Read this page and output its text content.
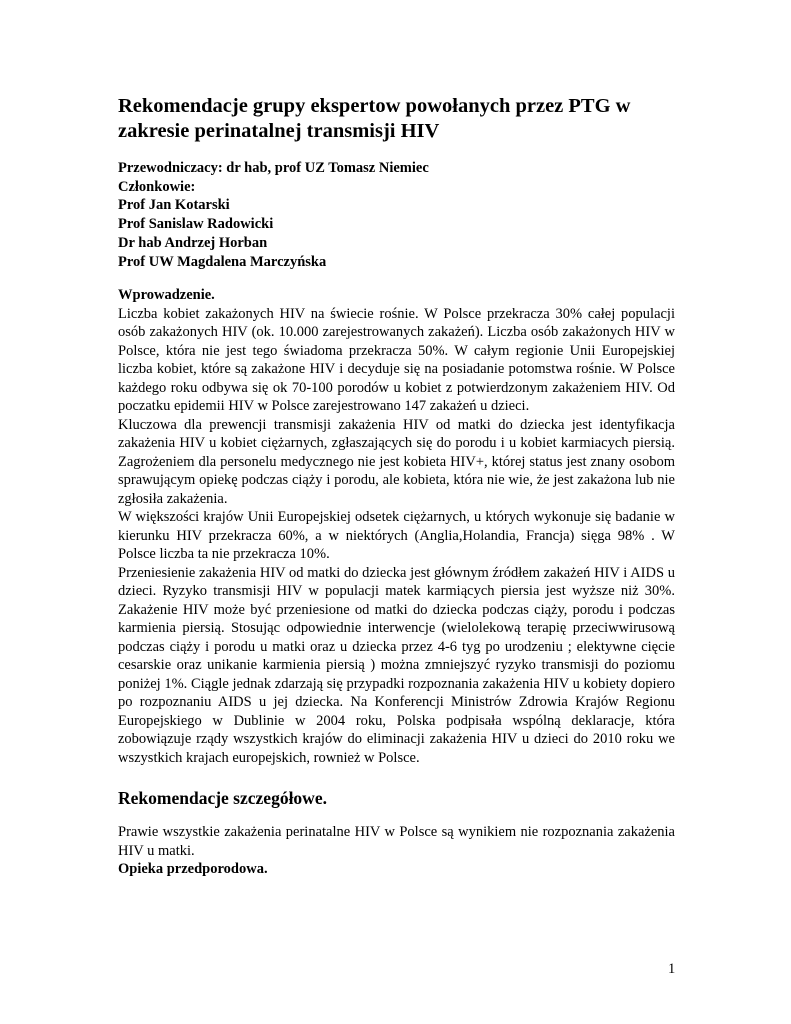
Rekomendacje grupy ekspertow powołanych przez PTG w zakresie perinatalnej transmisji HIV
Przewodniczacy: dr hab, prof UZ Tomasz Niemiec
Członkowie:
Prof Jan Kotarski
Prof Sanislaw Radowicki
Dr hab Andrzej Horban
Prof UW Magdalena Marczyńska
Wprowadzenie.

Liczba kobiet zakażonych HIV na świecie rośnie. W Polsce przekracza 30% całej populacji osób zakażonych HIV (ok. 10.000 zarejestrowanych zakażeń). Liczba osób zakażonych HIV w Polsce, która nie jest tego świadoma przekracza 50%. W całym regionie Unii Europejskiej liczba kobiet, które są zakażone HIV i decyduje się na posiadanie potomstwa rośnie. W Polsce każdego roku odbywa się ok 70-100 porodów u kobiet z potwierdzonym zakażeniem HIV. Od poczatku epidemii HIV w Polsce zarejestrowano 147 zakażeń u dzieci.

Kluczowa dla prewencji transmisji zakażenia HIV od matki do dziecka jest identyfikacja zakażenia HIV u kobiet ciężarnych, zgłaszających się do porodu i u kobiet karmiacych piersią. Zagrożeniem dla personelu medycznego nie jest kobieta HIV+, której status jest znany osobom sprawującym opiekę podczas ciąży i porodu, ale kobieta, która nie wie, że jest zakażona lub nie zgłosiła zakażenia.

W większości krajów Unii Europejskiej odsetek ciężarnych, u których wykonuje się badanie w kierunku HIV przekracza 60%, a w niektórych (Anglia,Holandia, Francja) sięga 98% . W Polsce liczba ta nie przekracza 10%.

Przeniesienie zakażenia HIV od matki do dziecka jest głównym źródłem zakażeń HIV i AIDS u dzieci. Ryzyko transmisji HIV w populacji matek karmiących piersia jest wyższe niż 30%. Zakażenie HIV może być przeniesione od matki do dziecka podczas ciąży, porodu i podczas karmienia piersią. Stosując odpowiednie interwencje (wielolekową terapię przeciwwirusową podczas ciąży i porodu u matki oraz u dziecka przez 4-6 tyg po urodzeniu ; elektywne cięcie cesarskie oraz unikanie karmienia piersią ) można zmniejszyć ryzyko transmisji do poziomu poniżej 1%. Ciągle jednak zdarzają się przypadki rozpoznania zakażenia HIV u kobiety dopiero po rozpoznaniu AIDS u jej dziecka. Na Konferencji Ministrów Zdrowia Krajów Regionu Europejskiego w Dublinie w 2004 roku, Polska podpisała wspólną deklaracje, która zobowiązuje rządy wszystkich krajów do eliminacji zakażenia HIV u dzieci do 2010 roku we wszystkich krajach europejskich, rownież w Polsce.

Rekomendacje szczegółowe.

Prawie wszystkie zakażenia perinatalne HIV w Polsce są wynikiem nie rozpoznania zakażenia HIV u matki.

Opieka przedporodowa.
1
